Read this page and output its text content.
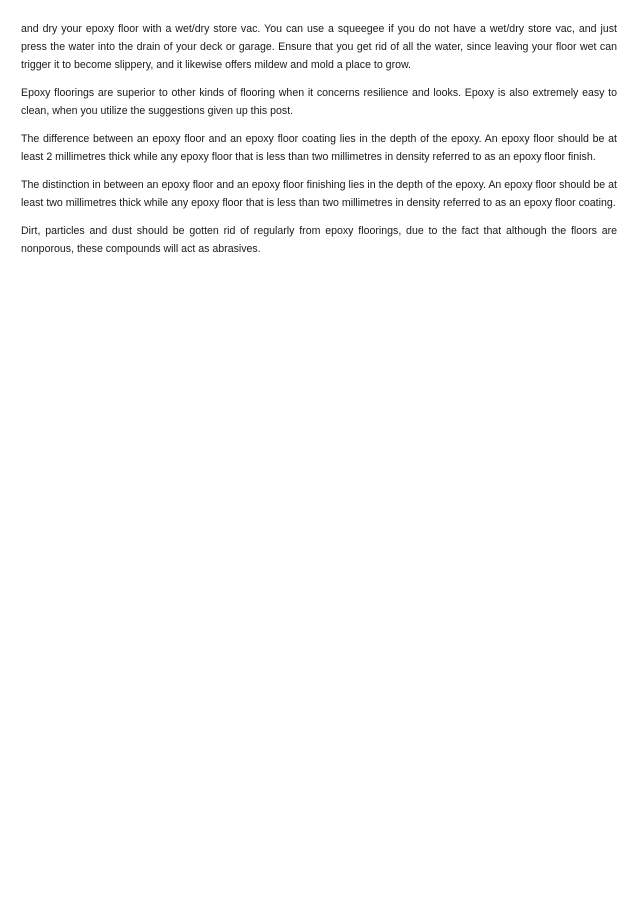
and dry your epoxy floor with a wet/dry store vac. You can use a squeegee if you do not have a wet/dry store vac, and just press the water into the drain of your deck or garage. Ensure that you get rid of all the water, since leaving your floor wet can trigger it to become slippery, and it likewise offers mildew and mold a place to grow.

Epoxy floorings are superior to other kinds of flooring when it concerns resilience and looks. Epoxy is also extremely easy to clean, when you utilize the suggestions given up this post.

The difference between an epoxy floor and an epoxy floor coating lies in the depth of the epoxy. An epoxy floor should be at least 2 millimetres thick while any epoxy floor that is less than two millimetres in density referred to as an epoxy floor finish.

The distinction in between an epoxy floor and an epoxy floor finishing lies in the depth of the epoxy. An epoxy floor should be at least two millimetres thick while any epoxy floor that is less than two millimetres in density referred to as an epoxy floor coating.

Dirt, particles and dust should be gotten rid of regularly from epoxy floorings, due to the fact that although the floors are nonporous, these compounds will act as abrasives.
